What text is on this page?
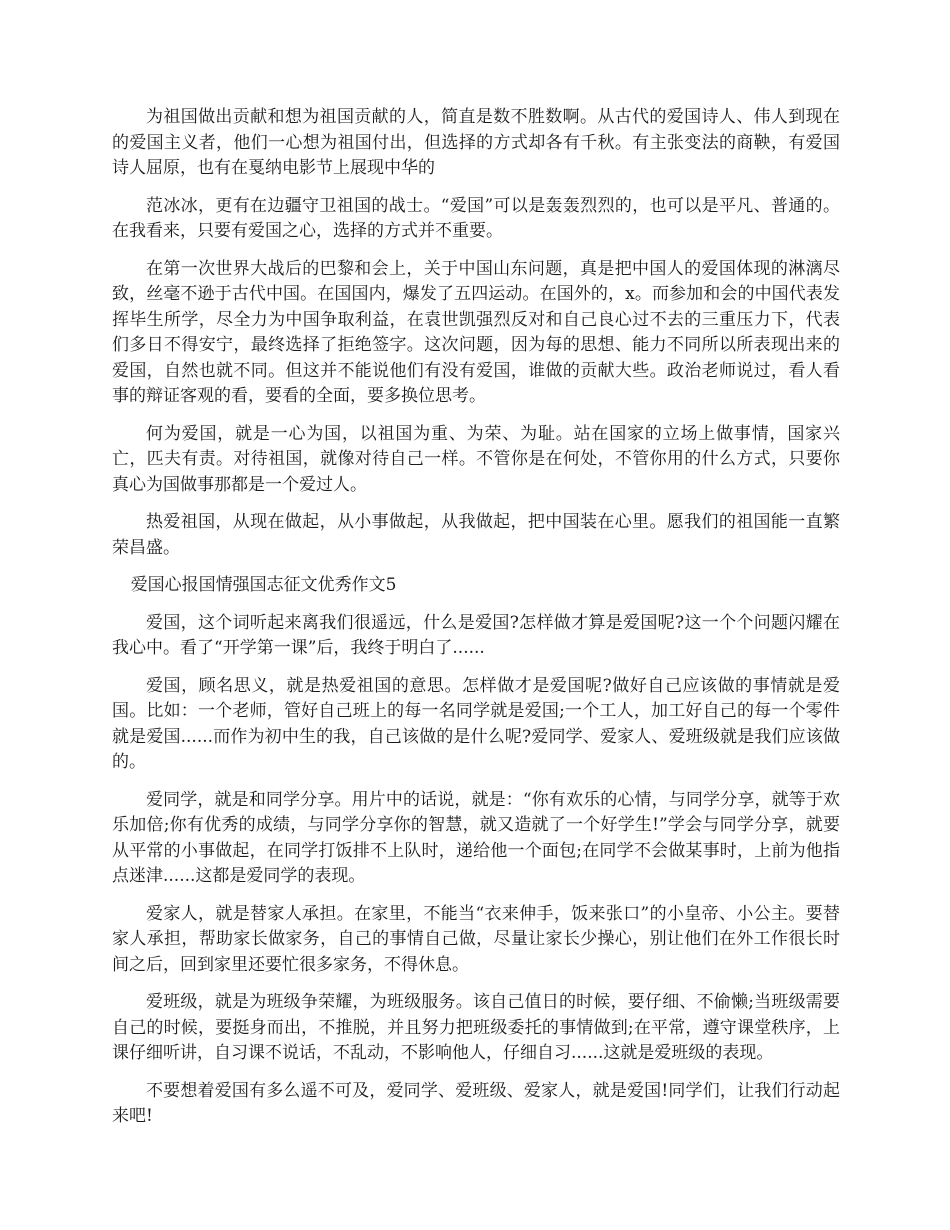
为祖国做出贡献和想为祖国贡献的人，简直是数不胜数啊。从古代的爱国诗人、伟人到现在的爱国主义者，他们一心想为祖国付出，但选择的方式却各有千秋。有主张变法的商鞅，有爱国诗人屈原，也有在戛纳电影节上展现中华的

范冰冰，更有在边疆守卫祖国的战士。“爱国”可以是轰轰烈烈的，也可以是平凡、普通的。在我看来，只要有爱国之心，选择的方式并不重要。

在第一次世界大战后的巴黎和会上，关于中国山东问题，真是把中国人的爱国体现的淋漓尽致，丝毫不逊于古代中国。在国国内，爆发了五四运动。在国外的，x。而参加和会的中国代表发挥毕生所学，尽全力为中国争取利益，在袁世凯强烈反对和自己良心过不去的三重压力下，代表们多日不得安宁，最终选择了拒绝签字。这次问题，因为每的思想、能力不同所以所表现出来的爱国，自然也就不同。但这并不能说他们有没有爱国，谁做的贡献大些。政治老师说过，看人看事的辩证客观的看，要看的全面，要多换位思考。

何为爱国，就是一心为国，以祖国为重、为荣、为耻。站在国家的立场上做事情，国家兴亡，匹夫有责。对待祖国，就像对待自己一样。不管你是在何处，不管你用的什么方式，只要你真心为国做事那都是一个爱过人。

热爱祖国，从现在做起，从小事做起，从我做起，把中国装在心里。愿我们的祖国能一直繁荣昌盛。

爱国心报国情强国志征文优秀作文5

爱国，这个词听起来离我们很遥远，什么是爱国?怎样做才算是爱国呢?这一个个问题闪耀在我心中。看了“开学第一课”后，我终于明白了......

爱国，顾名思义，就是热爱祖国的意思。怎样做才是爱国呢?做好自己应该做的事情就是爱国。比如：一个老师，管好自己班上的每一名同学就是爱国;一个工人，加工好自己的每一个零件就是爱国......而作为初中生的我，自己该做的是什么呢?爱同学、爱家人、爱班级就是我们应该做的。

爱同学，就是和同学分享。用片中的话说，就是：“你有欢乐的心情，与同学分享，就等于欢乐加倍;你有优秀的成绩，与同学分享你的智慧，就又造就了一个好学生!”学会与同学分享，就要从平常的小事做起，在同学打饭排不上队时，递给他一个面包;在同学不会做某事时，上前为他指点迷津......这都是爱同学的表现。

爱家人，就是替家人承担。在家里，不能当“衣来伸手，饭来张口”的小皇帝、小公主。要替家人承担，帮助家长做家务，自己的事情自己做，尽量让家长少操心，别让他们在外工作很长时间之后，回到家里还要忙很多家务，不得休息。

爱班级，就是为班级争荣耀，为班级服务。该自己值日的时候，要仔细、不偷懒;当班级需要自己的时候，要挺身而出，不推脱，并且努力把班级委托的事情做到;在平常，遵守课堂秩序，上课仔细听讲，自习课不说话，不乱动，不影响他人，仔细自习......这就是爱班级的表现。

不要想着爱国有多么遥不可及，爱同学、爱班级、爱家人，就是爱国!同学们，让我们行动起来吧!
